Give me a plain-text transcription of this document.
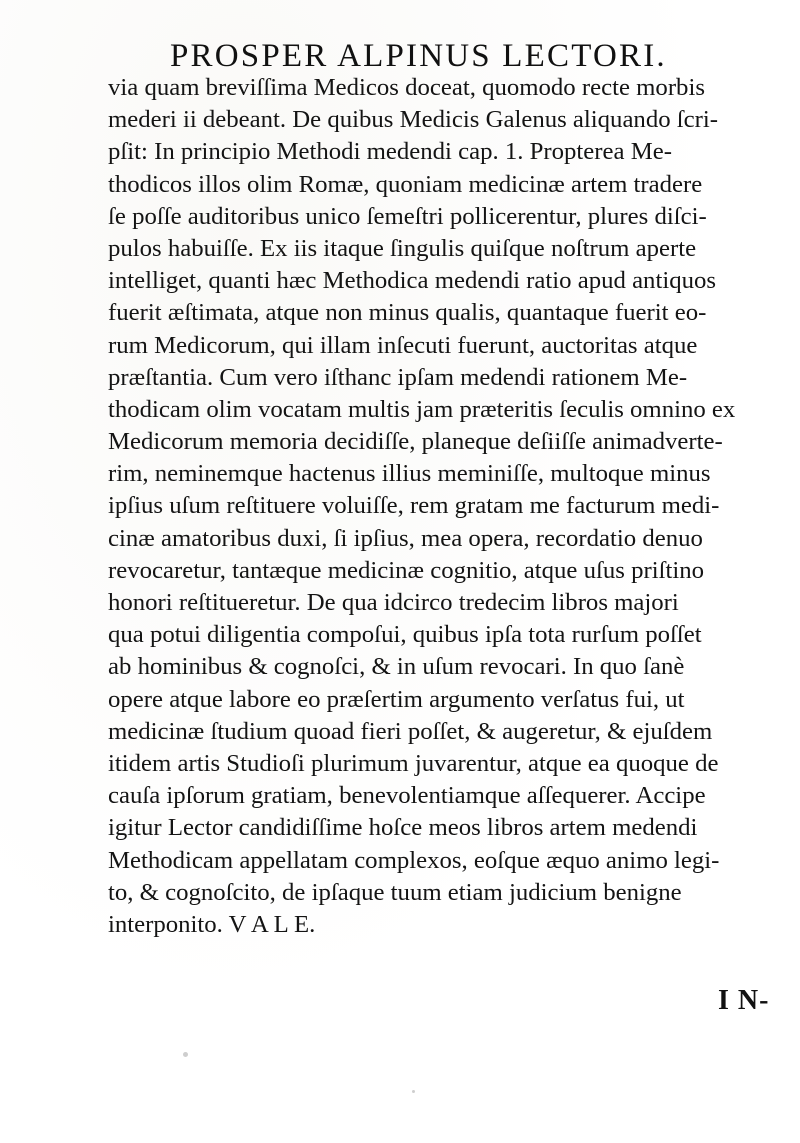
PROSPER ALPINUS LECTORI.
via quam breviſſima Medicos doceat, quomodo recte morbis
mederi ii debeant. De quibus Medicis Galenus aliquando ſcri-
pſit: In principio Methodi medendi cap. 1. Propterea Me-
thodicos illos olim Romæ, quoniam medicinæ artem tradere
ſe poſſe auditoribus unico ſemeſtri pollicerentur, plures diſci-
pulos habuiſſe. Ex iis itaque ſingulis quiſque noſtrum aperte
intelliget, quanti hæc Methodica medendi ratio apud antiquos
fuerit æſtimata, atque non minus qualis, quantaque fuerit eo-
rum Medicorum, qui illam inſecuti fuerunt, auctoritas atque
præſtantia. Cum vero iſthanc ipſam medendi rationem Me-
thodicam olim vocatam multis jam præteritis ſeculis omnino ex
Medicorum memoria decidiſſe, planeque deſiiſſe animadverte-
rim, neminemque hactenus illius meminiſſe, multoque minus
ipſius uſum reſtituere voluiſſe, rem gratam me facturum medi-
cinæ amatoribus duxi, ſi ipſius, mea opera, recordatio denuo
revocaretur, tantæque medicinæ cognitio, atque uſus priſtino
honori reſtitueretur. De qua idcirco tredecim libros majori
qua potui diligentia compoſui, quibus ipſa tota rurſum poſſet
ab hominibus & cognoſci, & in uſum revocari. In quo ſanè
opere atque labore eo præſertim argumento verſatus fui, ut
medicinæ ſtudium quoad fieri poſſet, & augeretur, & ejuſdem
itidem artis Studioſi plurimum juvarentur, atque ea quoque de
cauſa ipſorum gratiam, benevolentiamque aſſequerer. Accipe
igitur Lector candidiſſime hoſce meos libros artem medendi
Methodicam appellatam complexos, eoſque æquo animo legi-
to, & cognoſcito, de ipſaque tuum etiam judicium benigne
interponito. V A L E.
I N-
